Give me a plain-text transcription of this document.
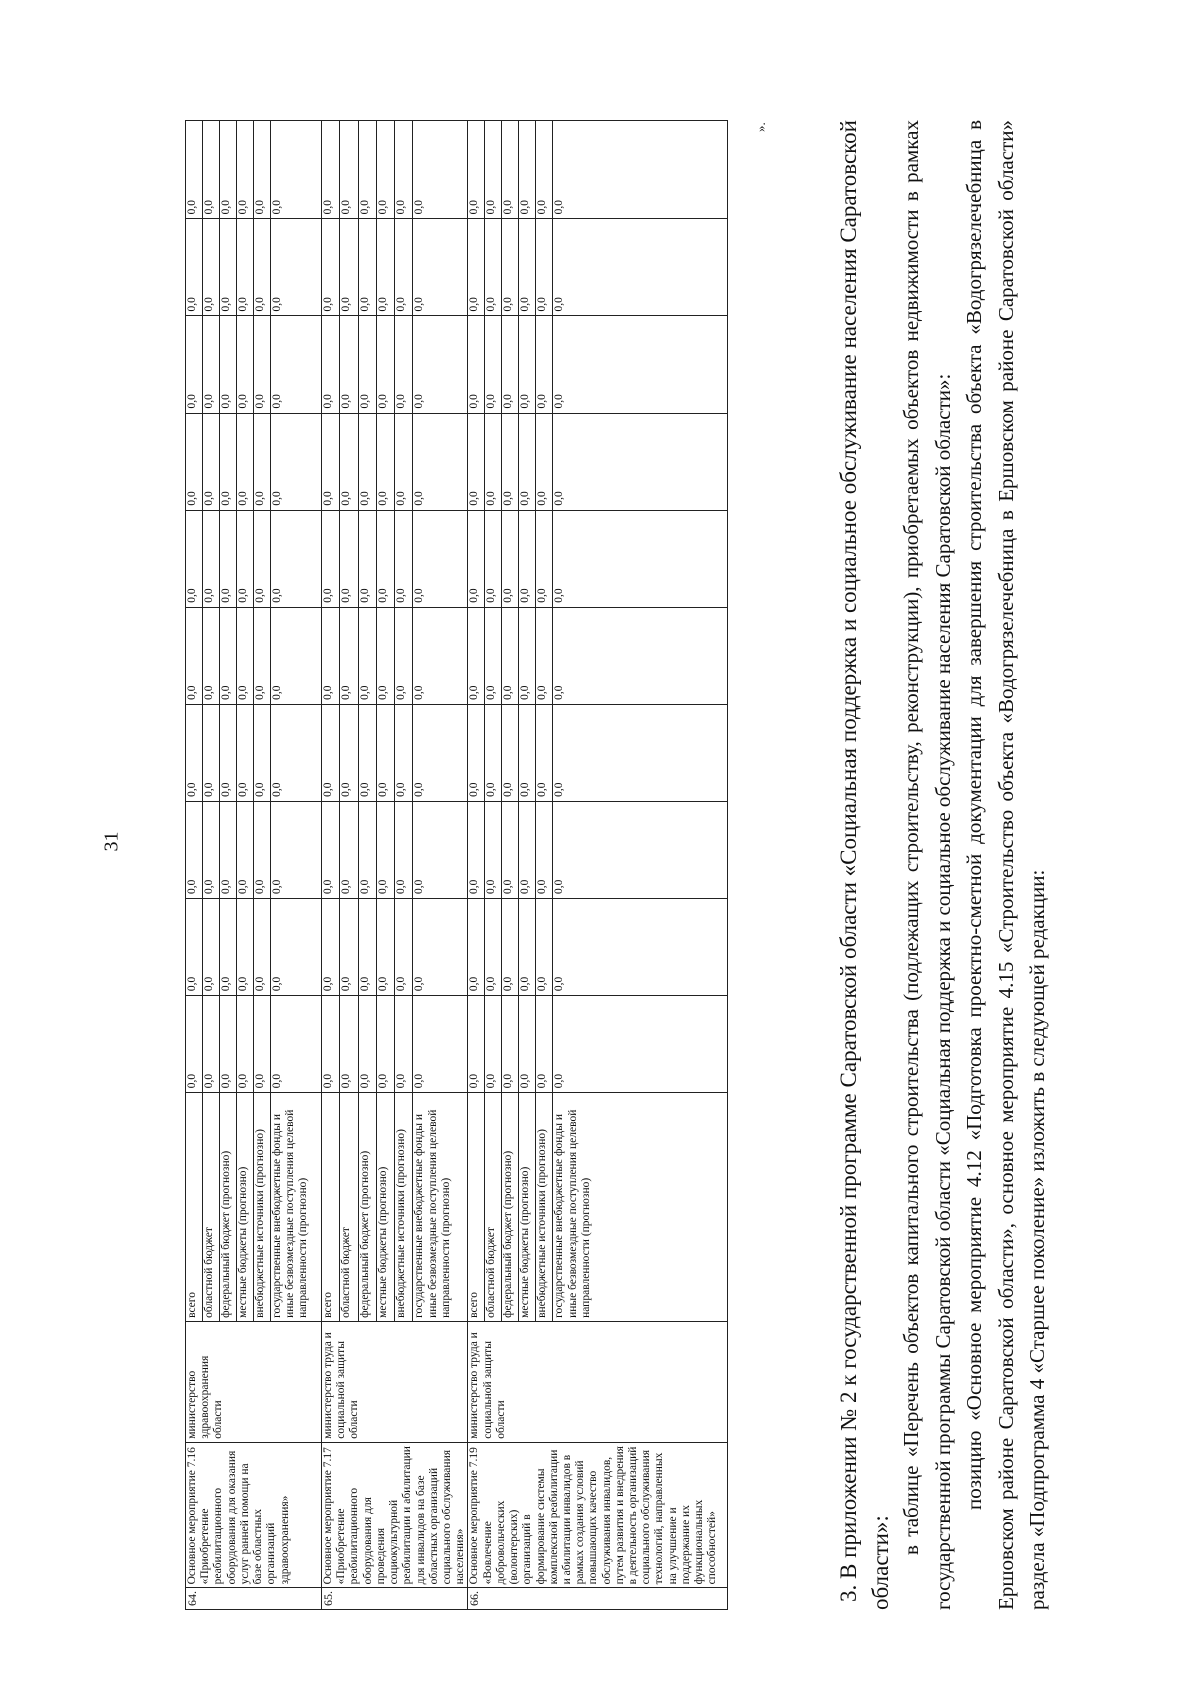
31
64.	Основное мероприятие 7.16 «Приобретение реабилитационного оборудования для оказания услуг ранней помощи на базе областных организаций здравоохранения»	министерство здравоохранения области	всего	0,0	0,0	0,0	0,0	0,0	0,0	0,0	0,0	0,0	0,0
			областной бюджет	0,0	0,0	0,0	0,0	0,0	0,0	0,0	0,0	0,0	0,0
			федеральный бюджет (прогнозно)	0,0	0,0	0,0	0,0	0,0	0,0	0,0	0,0	0,0	0,0
			местные бюджеты (прогнозно)	0,0	0,0	0,0	0,0	0,0	0,0	0,0	0,0	0,0	0,0
			внебюджетные источники (прогнозно)	0,0	0,0	0,0	0,0	0,0	0,0	0,0	0,0	0,0	0,0
			государственные внебюджетные фонды и иные безвозмездные поступления целевой направленности (прогнозно)	0,0	0,0	0,0	0,0	0,0	0,0	0,0	0,0	0,0	0,0
65.	Основное мероприятие 7.17 «Приобретение реабилитационного оборудования для проведения социокультурной реабилитации и абилитации для инвалидов на базе областных организаций социального обслуживания населения»	министерство труда и социальной защиты области	всего	0,0	0,0	0,0	0,0	0,0	0,0	0,0	0,0	0,0	0,0
			областной бюджет	0,0	0,0	0,0	0,0	0,0	0,0	0,0	0,0	0,0	0,0
			федеральный бюджет (прогнозно)	0,0	0,0	0,0	0,0	0,0	0,0	0,0	0,0	0,0	0,0
			местные бюджеты (прогнозно)	0,0	0,0	0,0	0,0	0,0	0,0	0,0	0,0	0,0	0,0
			внебюджетные источники (прогнозно)	0,0	0,0	0,0	0,0	0,0	0,0	0,0	0,0	0,0	0,0
			государственные внебюджетные фонды и иные безвозмездные поступления целевой направленности (прогнозно)	0,0	0,0	0,0	0,0	0,0	0,0	0,0	0,0	0,0	0,0
66.	Основное мероприятие 7.19 «Вовлечение добровольческих (волонтерских) организаций в формирование системы комплексной реабилитации и абилитации инвалидов в рамках создания условий повышающих качество обслуживания инвалидов, путем развития и внедрения в деятельность организаций социального обслуживания технологий, направленных на улучшение и поддержание их функциональных способностей»	министерство труда и социальной защиты области	всего	0,0	0,0	0,0	0,0	0,0	0,0	0,0	0,0	0,0	0,0
			областной бюджет	0,0	0,0	0,0	0,0	0,0	0,0	0,0	0,0	0,0	0,0
			федеральный бюджет (прогнозно)	0,0	0,0	0,0	0,0	0,0	0,0	0,0	0,0	0,0	0,0
			местные бюджеты (прогнозно)	0,0	0,0	0,0	0,0	0,0	0,0	0,0	0,0	0,0	0,0
			внебюджетные источники (прогнозно)	0,0	0,0	0,0	0,0	0,0	0,0	0,0	0,0	0,0	0,0
			государственные внебюджетные фонды и иные безвозмездные поступления целевой направленности (прогнозно)	0,0	0,0	0,0	0,0	0,0	0,0	0,0	0,0	0,0	0,0
».	3. В приложении № 2 к государственной программе Саратовской области «Социальная поддержка и социальное обслуживание населения Саратовской области»:

в таблице «Перечень объектов капитального строительства (подлежащих строительству, реконструкции), приобретаемых объектов недвижимости в рамках государственной программы Саратовской области «Социальная поддержка и социальное обслуживание населения Саратовской области»: позицию «Основное мероприятие 4.12 «Подготовка проектно-сметной документации для завершения строительства объекта «Водогрязелечебница в Ершовском районе Саратовской области», основное мероприятие 4.15 «Строительство объекта «Водогрязелечебница в Ершовском районе Саратовской области» раздела «Подпрограмма 4 «Старшее поколение» изложить в следующей редакции:
